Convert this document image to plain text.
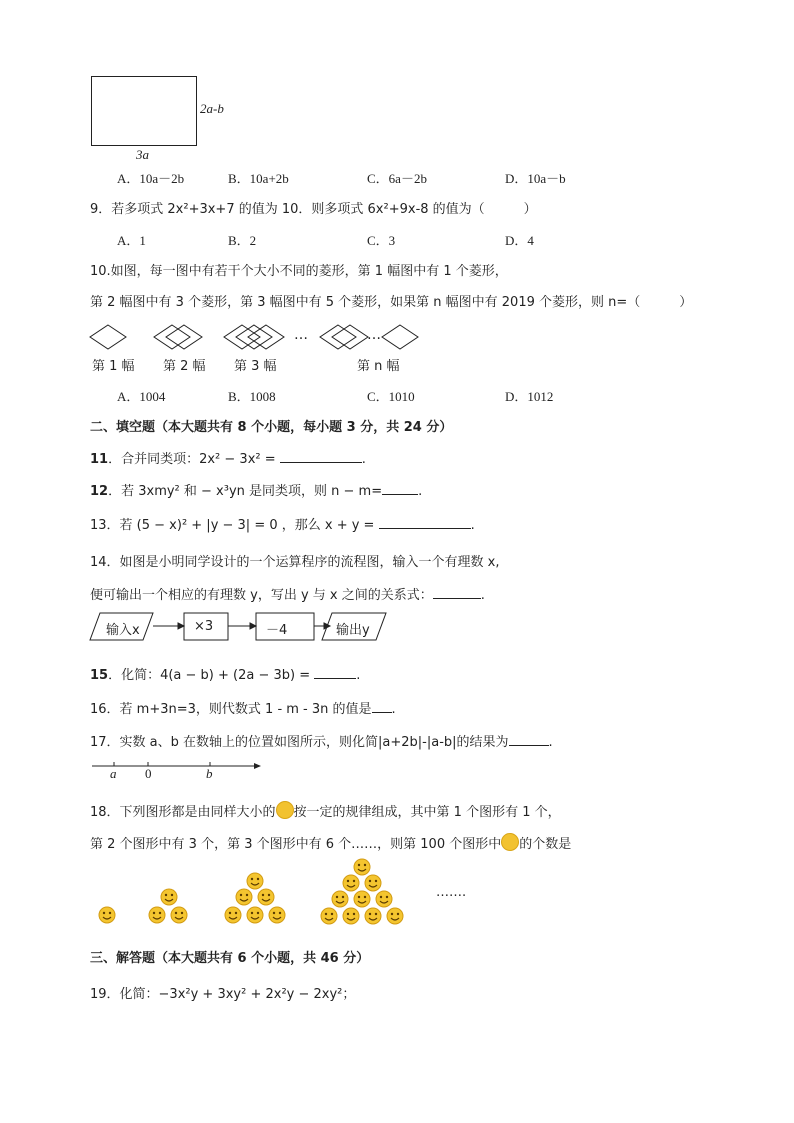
2a-b
3a
A．10a－2b	B．10a+2b	C．6a－2b	D．10a－b
9．若多项式 2x²+3x+7 的值为 10．则多项式 6x²+9x-8 的值为（　　　）
A．1	B．2	C．3	D．4
10.如图，每一图中有若干个大小不同的菱形，第 1 幅图中有 1 个菱形，
第 2 幅图中有 3 个菱形，第 3 幅图中有 5 个菱形，如果第 n 幅图中有 2019 个菱形，则 n=（　　　）
…	…
第 1 幅 第 2 幅 第 3 幅	第 n 幅
A．1004	B．1008	C．1010	D．1012
二、填空题（本大题共有 8 个小题，每小题 3 分，共 24 分）
11．合并同类项：2x² − 3x² =	.
12．若 3xmy² 和 − x³yn 是同类项，则 n − m=	.
13．若 (5 − x)² + |y − 3| = 0 ，那么 x + y =	.
14．如图是小明同学设计的一个运算程序的流程图，输入一个有理数 x,
便可输出一个相应的有理数 y，写出 y 与 x 之间的关系式：	.
输入x	×3	－4	输出y
15．化简：4(a − b) + (2a − 3b) =	.
16．若 m+3n=3，则代数式 1 - m - 3n 的值是 .
17．实数 a、b 在数轴上的位置如图所示，则化简|a+2b|-|a-b|的结果为	.
a 0	b
18．下列图形都是由同样大小的 按一定的规律组成，其中第 1 个图形有 1 个，
第 2 个图形中有 3 个，第 3 个图形中有 6 个……，则第 100 个图形中 的个数是
…….
三、解答题（本大题共有 6 个小题，共 46 分）
19．化简：−3x²y + 3xy² + 2x²y − 2xy²；
